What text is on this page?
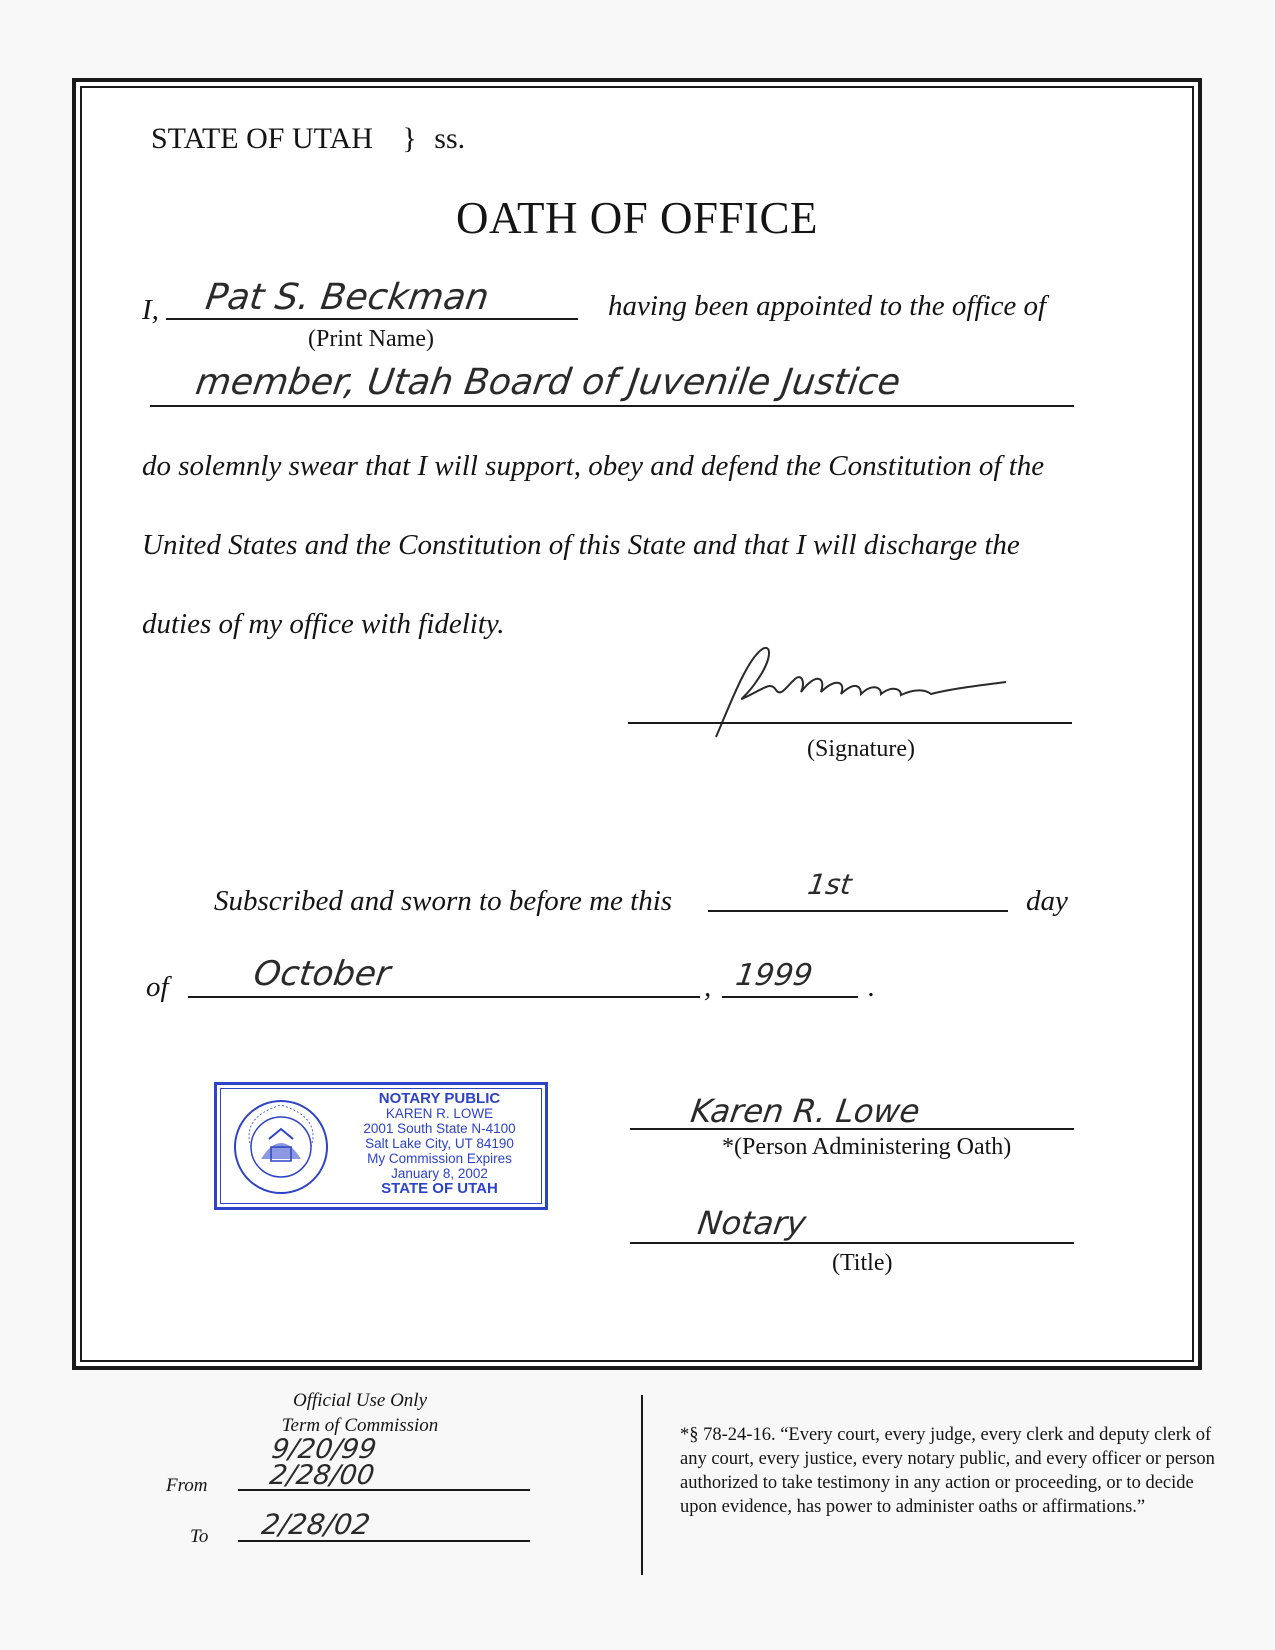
STATE OF UTAH } ss.
OATH OF OFFICE
I, Pat S. Beckman	having been appointed to the office of
(Print Name)
member, Utah Board of Juvenile Justice
do solemnly swear that I will support, obey and defend the Constitution of the
United States and the Constitution of this State and that I will discharge the
duties of my office with fidelity.
(Signature)
Subscribed and sworn to before me this	1st	day
of October	, 1999 .
NOTARY PUBLIC
KAREN R. LOWE
2001 South State N-4100
Salt Lake City, UT 84190
My Commission Expires
January 8, 2002
STATE OF UTAH
Karen R. Lowe
*(Person Administering Oath)
Notary
(Title)
Official Use Only
Term of Commission
9/20/99
From 2/28/00
To 2/28/02
*§ 78-24-16. “Every court, every judge, every clerk and deputy clerk of any court, every justice, every notary public, and every officer or person authorized to take testimony in any action or proceeding, or to decide upon evidence, has power to administer oaths or affirmations.”
